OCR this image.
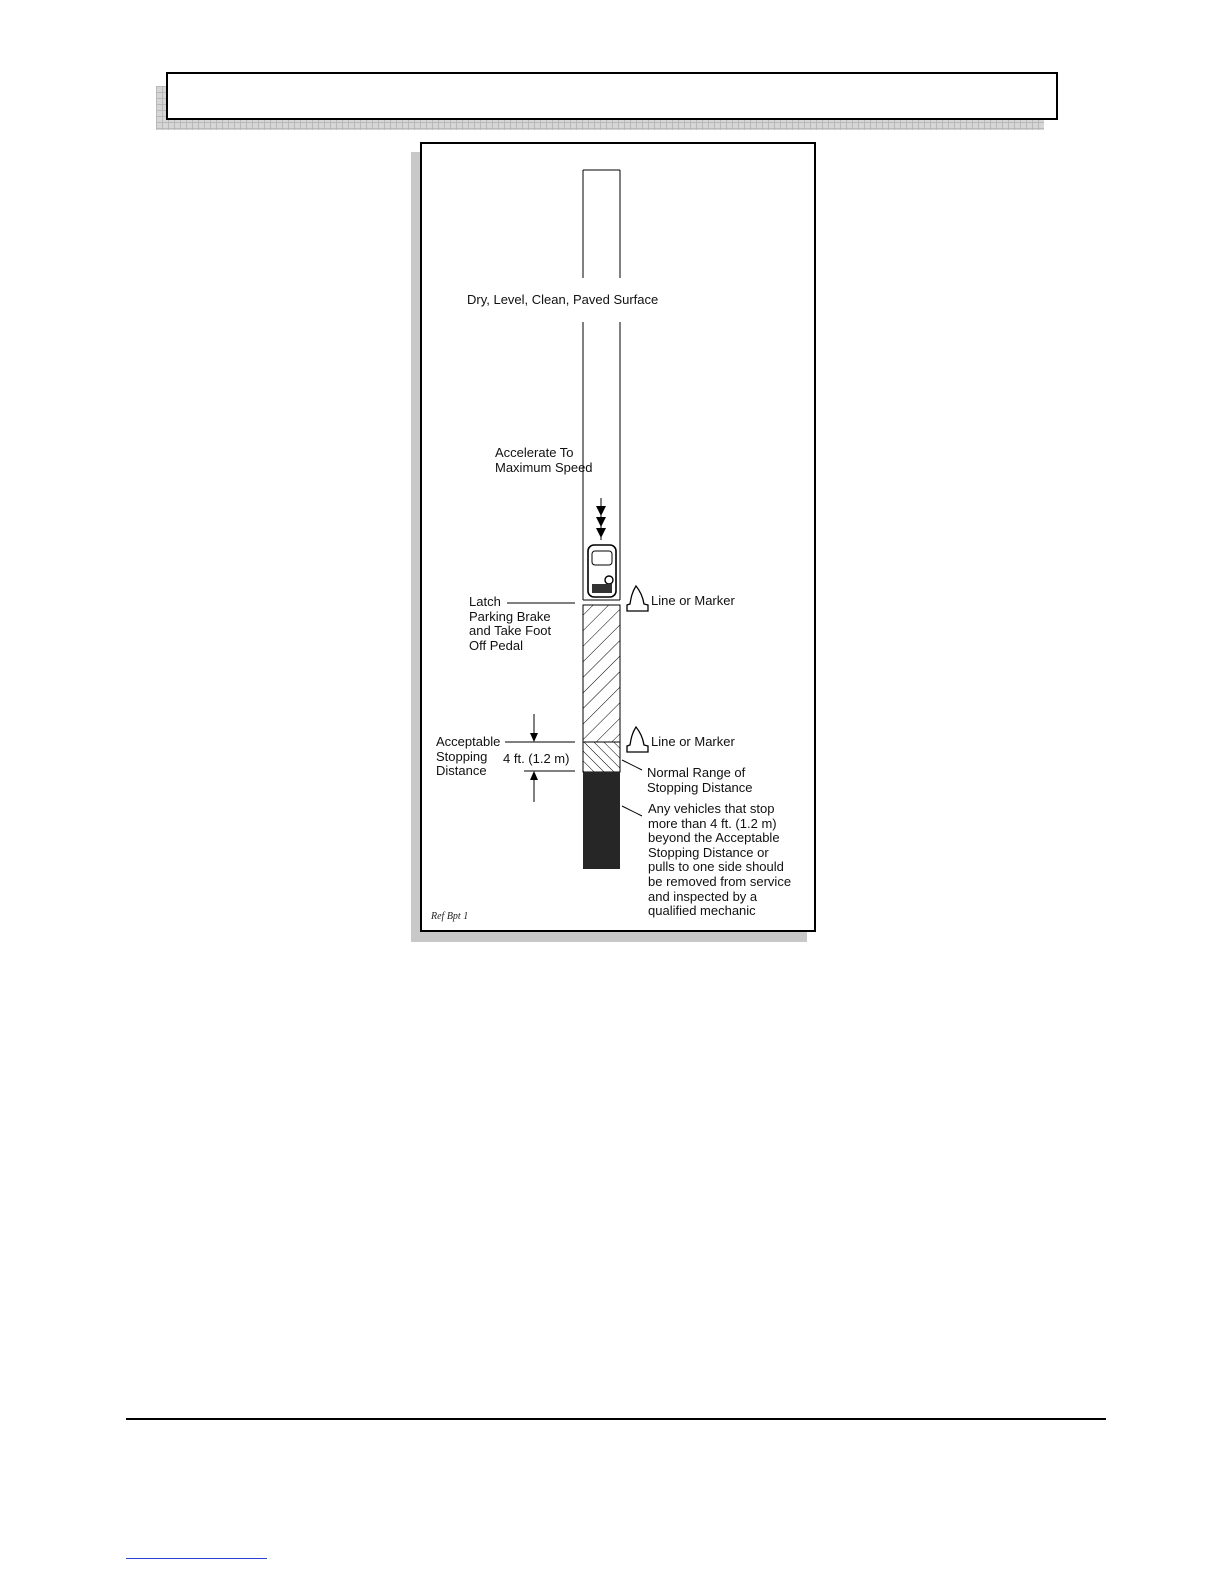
Dry, Level, Clean, Paved Surface
Accelerate To
Maximum Speed
Latch
Parking Brake
and Take Foot
Off Pedal
Line or Marker
Line or Marker
Acceptable
Stopping
Distance
4 ft. (1.2 m)
Normal Range of
Stopping Distance
Any vehicles that stop
more than 4 ft. (1.2 m)
beyond the Acceptable
Stopping Distance or
pulls to one side should
be removed from service
and inspected by a
qualified mechanic
Ref Bpt 1
